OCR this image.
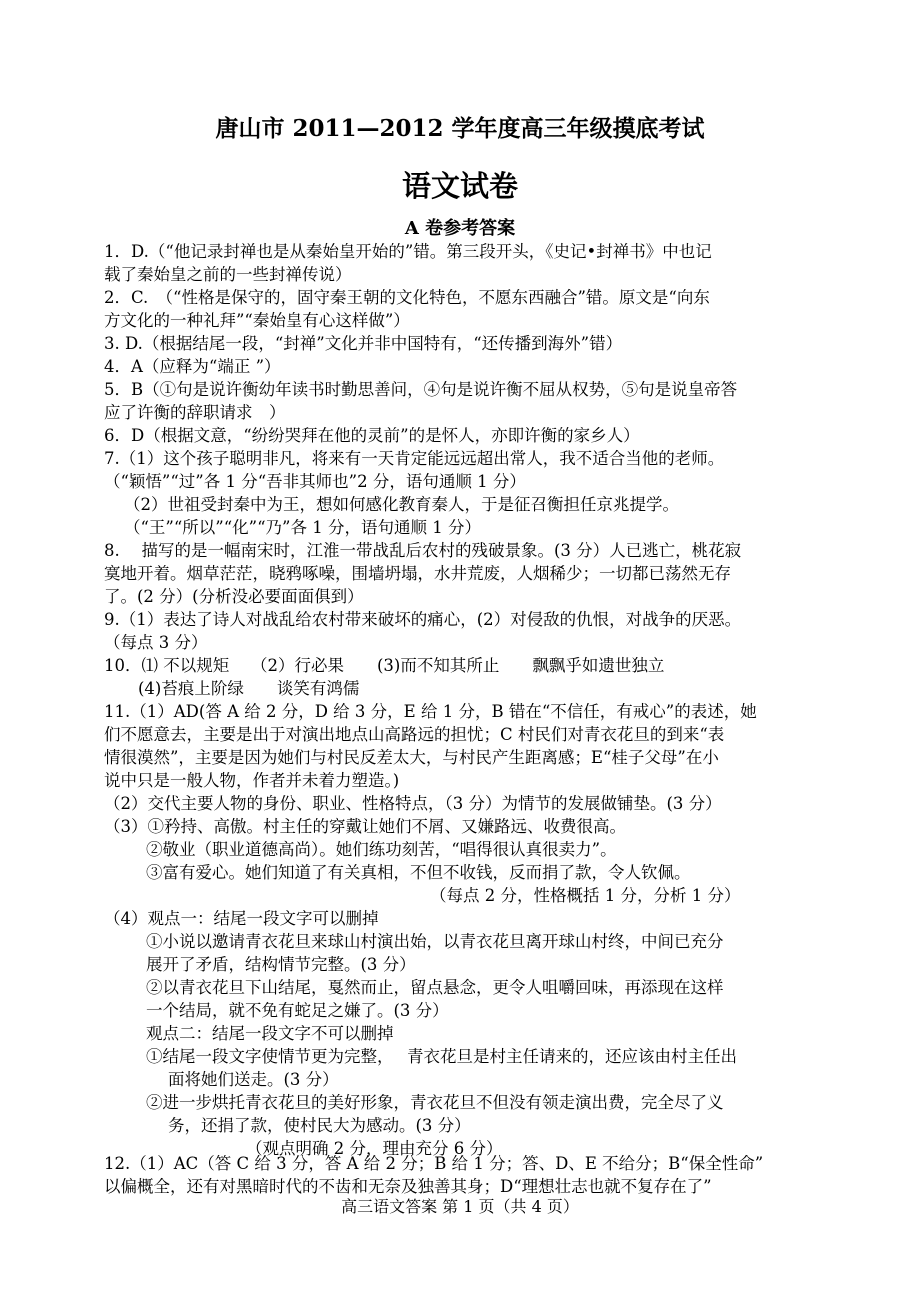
唐山市 2011—2012 学年度高三年级摸底考试
语文试卷
A 卷参考答案
1．D.（“他记录封禅也是从秦始皇开始的”错。第三段开头，《史记•封禅书》中也记
载了秦始皇之前的一些封禅传说）
2．C.　（“性格是保守的，固守秦王朝的文化特色，不愿东西融合”错。原文是“向东
方文化的一种礼拜”“秦始皇有心这样做”）
3. D.（根据结尾一段，“封禅”文化并非中国特有，“还传播到海外”错）
4．A（应释为“端正 ”）
5．B（①句是说许衡幼年读书时勤思善问，④句是说许衡不屈从权势，⑤句是说皇帝答
应了许衡的辞职请求　）
6．D（根据文意，“纷纷哭拜在他的灵前”的是怀人，亦即许衡的家乡人）
7.（1）这个孩子聪明非凡，将来有一天肯定能远远超出常人，我不适合当他的老师。
（“颖悟”“过”各 1 分“吾非其师也”2 分，语句通顺 1 分）
（2）世祖受封秦中为王，想如何感化教育秦人，于是征召衡担任京兆提学。
（“王”“所以”“化”“乃”各 1 分，语句通顺 1 分）
8.　 描写的是一幅南宋时，江淮一带战乱后农村的残破景象。(3 分）人已逃亡，桃花寂
寞地开着。烟草茫茫，晓鸦啄噪，围墙坍塌，水井荒废，人烟稀少；一切都已荡然无存
了。(2 分）(分析没必要面面俱到）
9.（1）表达了诗人对战乱给农村带来破坏的痛心，(2）对侵敌的仇恨，对战争的厌恶。
（每点 3 分）
10．⑴ 不以规矩　 （2）行必果　　(3)而不知其所止　　飘飘乎如遗世独立
(4)苔痕上阶绿　　谈笑有鸿儒
11.（1）AD(答 A 给 2 分，D 给 3 分，E 给 1 分，B 错在“不信任，有戒心”的表述，她
们不愿意去，主要是出于对演出地点山高路远的担忧；C 村民们对青衣花旦的到来“表
情很漠然”，主要是因为她们与村民反差太大，与村民产生距离感；E“桂子父母”在小
说中只是一般人物，作者并未着力塑造。)
（2）交代主要人物的身份、职业、性格特点，（3 分）为情节的发展做铺垫。(3 分）
（3）①矜持、高傲。村主任的穿戴让她们不屑、又嫌路远、收费很高。
②敬业（职业道德高尚）。她们练功刻苦，“唱得很认真很卖力”。
③富有爱心。她们知道了有关真相，不但不收钱，反而捐了款，令人钦佩。
（每点 2 分，性格概括 1 分，分析 1 分）
（4）观点一：结尾一段文字可以删掉
①小说以邀请青衣花旦来球山村演出始，以青衣花旦离开球山村终，中间已充分
展开了矛盾，结构情节完整。(3 分）
②以青衣花旦下山结尾，戛然而止，留点悬念，更令人咀嚼回味，再添现在这样
一个结局，就不免有蛇足之嫌了。(3 分）
观点二：结尾一段文字不可以删掉
①结尾一段文字使情节更为完整，　 青衣花旦是村主任请来的，还应该由村主任出
面将她们送走。(3 分）
②进一步烘托青衣花旦的美好形象，青衣花旦不但没有领走演出费，完全尽了义
务，还捐了款，使村民大为感动。(3 分）
（观点明确 2 分，理由充分 6 分）
12.（1）AC（答 C 给 3 分，答 A 给 2 分；B 给 1 分；答、D、E 不给分；B“保全性命”
以偏概全，还有对黑暗时代的不齿和无奈及独善其身；D“理想壮志也就不复存在了”
高三语文答案 第 1 页（共 4 页）
